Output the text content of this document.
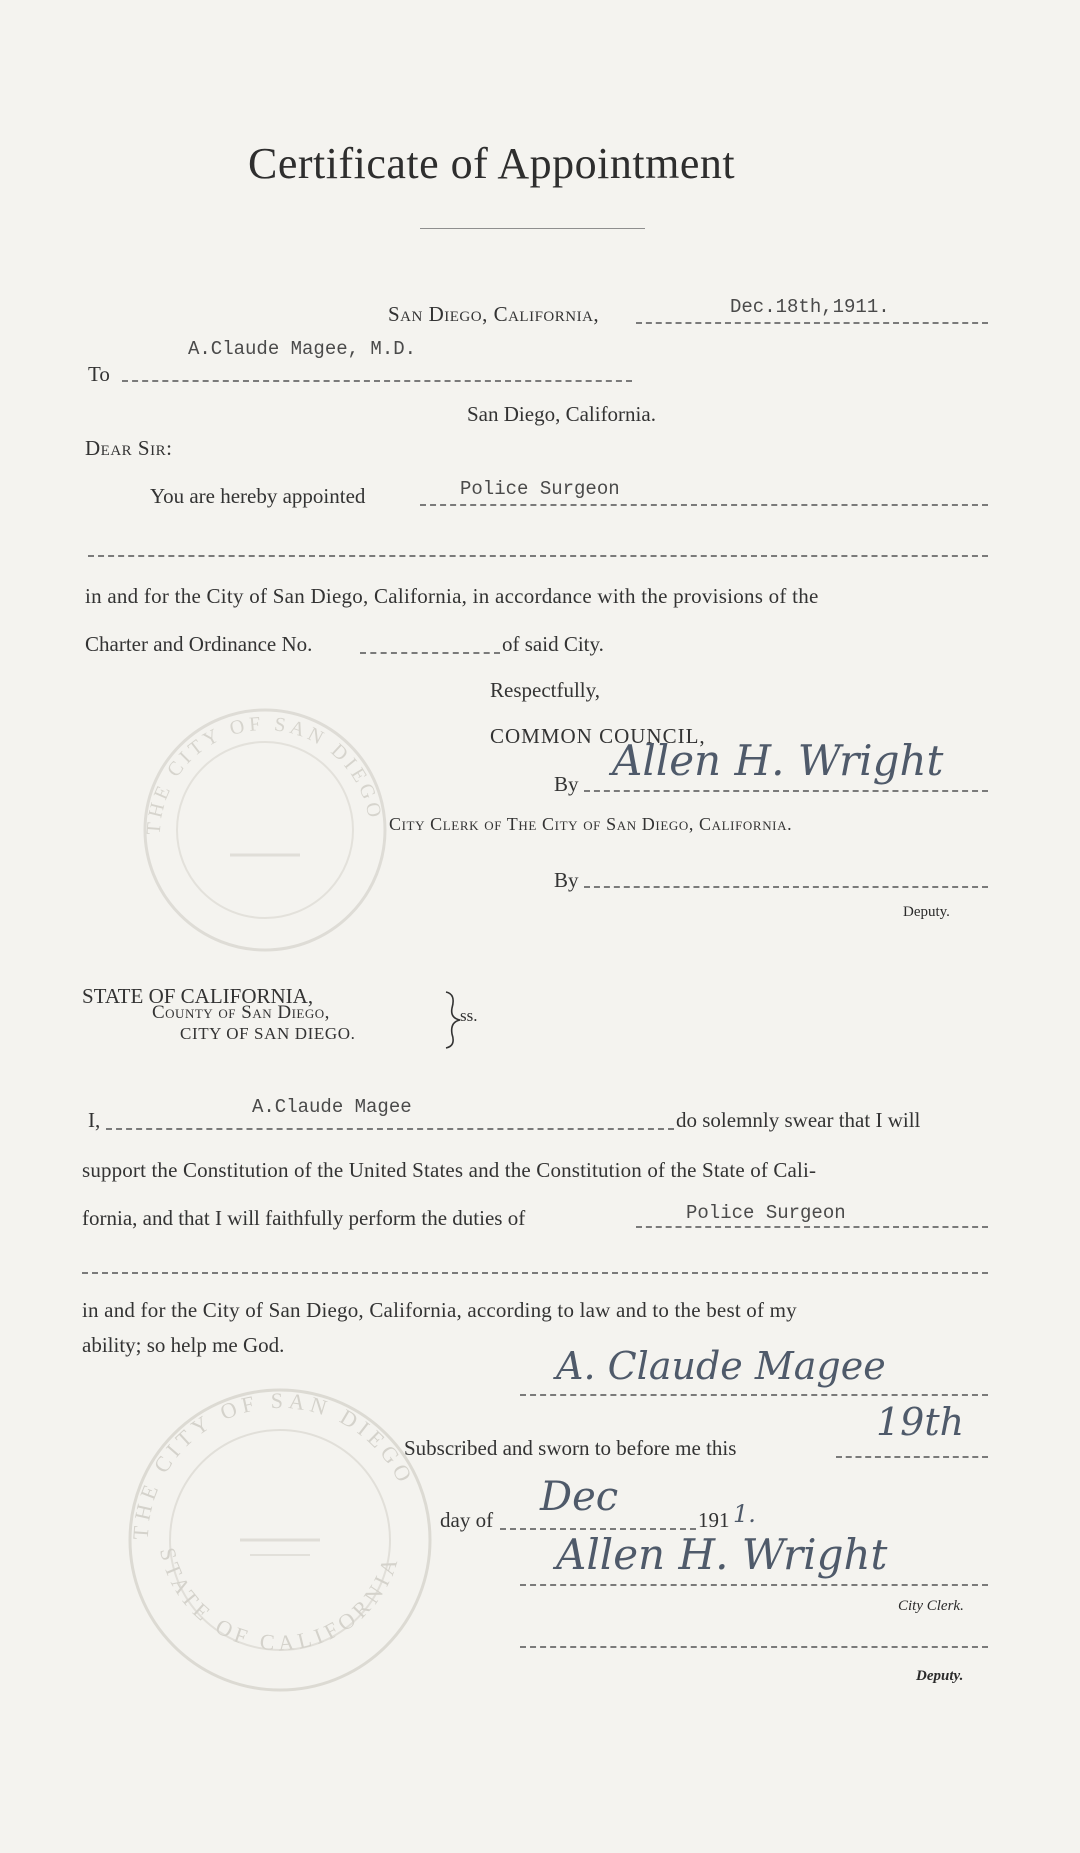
Certificate of Appointment
San Diego, California,	Dec.18th,1911.
To
A.Claude Magee, M.D.
San Diego, California.
Dear Sir:
You are hereby appointed	Police Surgeon
in and for the City of San Diego, California, in accordance with the provisions of the
Charter and Ordinance No.	of said City.
Respectfully,
COMMON COUNCIL,
By Allen H. Wright
City Clerk of The City of San Diego, California.
By
Deputy.
THE CITY OF SAN DIEGO
STATE OF CALIFORNIA,
County of San Diego,
CITY OF SAN DIEGO.
ss.
I,
A.Claude Magee
do solemnly swear that I will
support the Constitution of the United States and the Constitution of the State of Cali-
fornia, and that I will faithfully perform the duties of	Police Surgeon
in and for the City of San Diego, California, according to law and to the best of my
ability; so help me God.	A. Claude Magee
Subscribed and sworn to before me this
19th
day of Dec	191 1.
Allen H. Wright
City Clerk.
Deputy.
THE CITY OF SAN DIEGO
STATE OF CALIFORNIA
